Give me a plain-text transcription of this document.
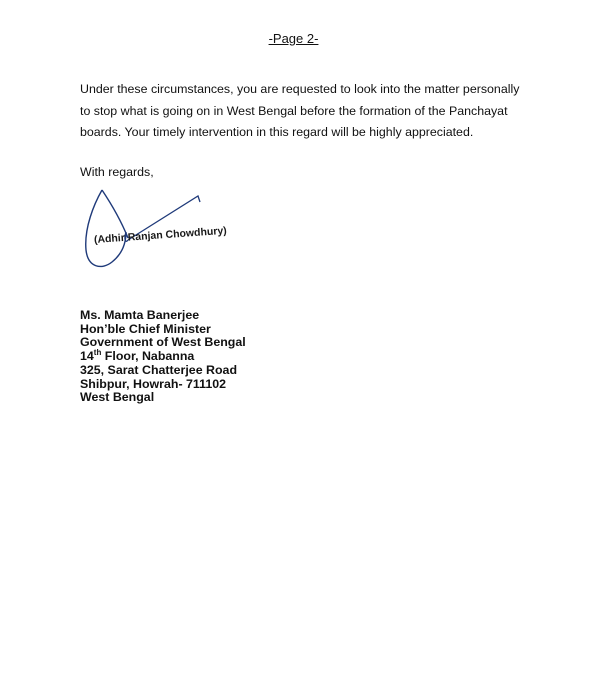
-Page 2-

Under these circumstances, you are requested to look into the matter personally to stop what is going on in West Bengal before the formation of the Panchayat boards. Your timely intervention in this regard will be highly appreciated.

With regards,
(Adhir Ranjan Chowdhury)
Ms. Mamta Banerjee
Hon’ble Chief Minister
Government of West Bengal
14th Floor, Nabanna
325, Sarat Chatterjee Road
Shibpur, Howrah- 711102
West Bengal
